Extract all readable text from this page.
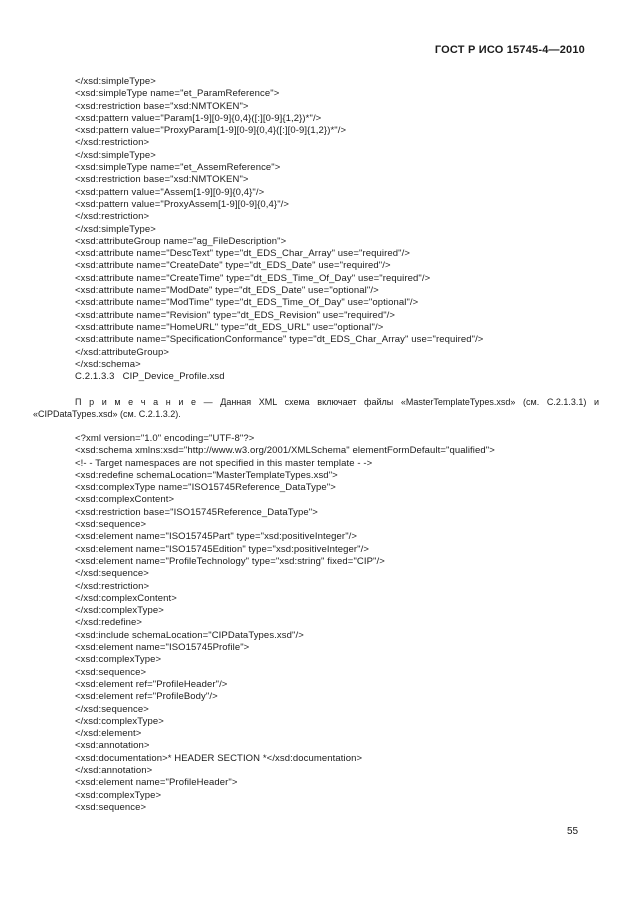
ГОСТ Р ИСО 15745-4—2010
</xsd:simpleType>
<xsd:simpleType name="et_ParamReference">
<xsd:restriction base="xsd:NMTOKEN">
<xsd:pattern value="Param[1-9][0-9]{0,4}([:][0-9]{1,2})*"/>
<xsd:pattern value="ProxyParam[1-9][0-9]{0,4}([:][0-9]{1,2})*"/>
</xsd:restriction>
</xsd:simpleType>
<xsd:simpleType name="et_AssemReference">
<xsd:restriction base="xsd:NMTOKEN">
<xsd:pattern value="Assem[1-9][0-9]{0,4}"/>
<xsd:pattern value="ProxyAssem[1-9][0-9]{0,4}"/>
</xsd:restriction>
</xsd:simpleType>
<xsd:attributeGroup name="ag_FileDescription">
<xsd:attribute name="DescText" type="dt_EDS_Char_Array" use="required"/>
<xsd:attribute name="CreateDate" type="dt_EDS_Date" use="required"/>
<xsd:attribute name="CreateTime" type="dt_EDS_Time_Of_Day" use="required"/>
<xsd:attribute name="ModDate" type="dt_EDS_Date" use="optional"/>
<xsd:attribute name="ModTime" type="dt_EDS_Time_Of_Day" use="optional"/>
<xsd:attribute name="Revision" type="dt_EDS_Revision" use="required"/>
<xsd:attribute name="HomeURL" type="dt_EDS_URL" use="optional"/>
<xsd:attribute name="SpecificationConformance" type="dt_EDS_Char_Array" use="required"/>
</xsd:attributeGroup>
</xsd:schema>
C.2.1.3.3   CIP_Device_Profile.xsd
П р и м е ч а н и е — Данная XML схема включает файлы «MasterTemplateTypes.xsd» (см. С.2.1.3.1) и
«CIPDataTypes.xsd» (см. С.2.1.3.2).
<?xml version="1.0" encoding="UTF-8"?>
<xsd:schema xmlns:xsd="http://www.w3.org/2001/XMLSchema" elementFormDefault="qualified">
<!- - Target namespaces are not specified in this master template - ->
<xsd:redefine schemaLocation="MasterTemplateTypes.xsd">
<xsd:complexType name="ISO15745Reference_DataType">
<xsd:complexContent>
<xsd:restriction base="ISO15745Reference_DataType">
<xsd:sequence>
<xsd:element name="ISO15745Part" type="xsd:positiveInteger"/>
<xsd:element name="ISO15745Edition" type="xsd:positiveInteger"/>
<xsd:element name="ProfileTechnology" type="xsd:string" fixed="CIP"/>
</xsd:sequence>
</xsd:restriction>
</xsd:complexContent>
</xsd:complexType>
</xsd:redefine>
<xsd:include schemaLocation="CIPDataTypes.xsd"/>
<xsd:element name="ISO15745Profile">
<xsd:complexType>
<xsd:sequence>
<xsd:element ref="ProfileHeader"/>
<xsd:element ref="ProfileBody"/>
</xsd:sequence>
</xsd:complexType>
</xsd:element>
<xsd:annotation>
<xsd:documentation>* HEADER SECTION *</xsd:documentation>
</xsd:annotation>
<xsd:element name="ProfileHeader">
<xsd:complexType>
<xsd:sequence>
55
